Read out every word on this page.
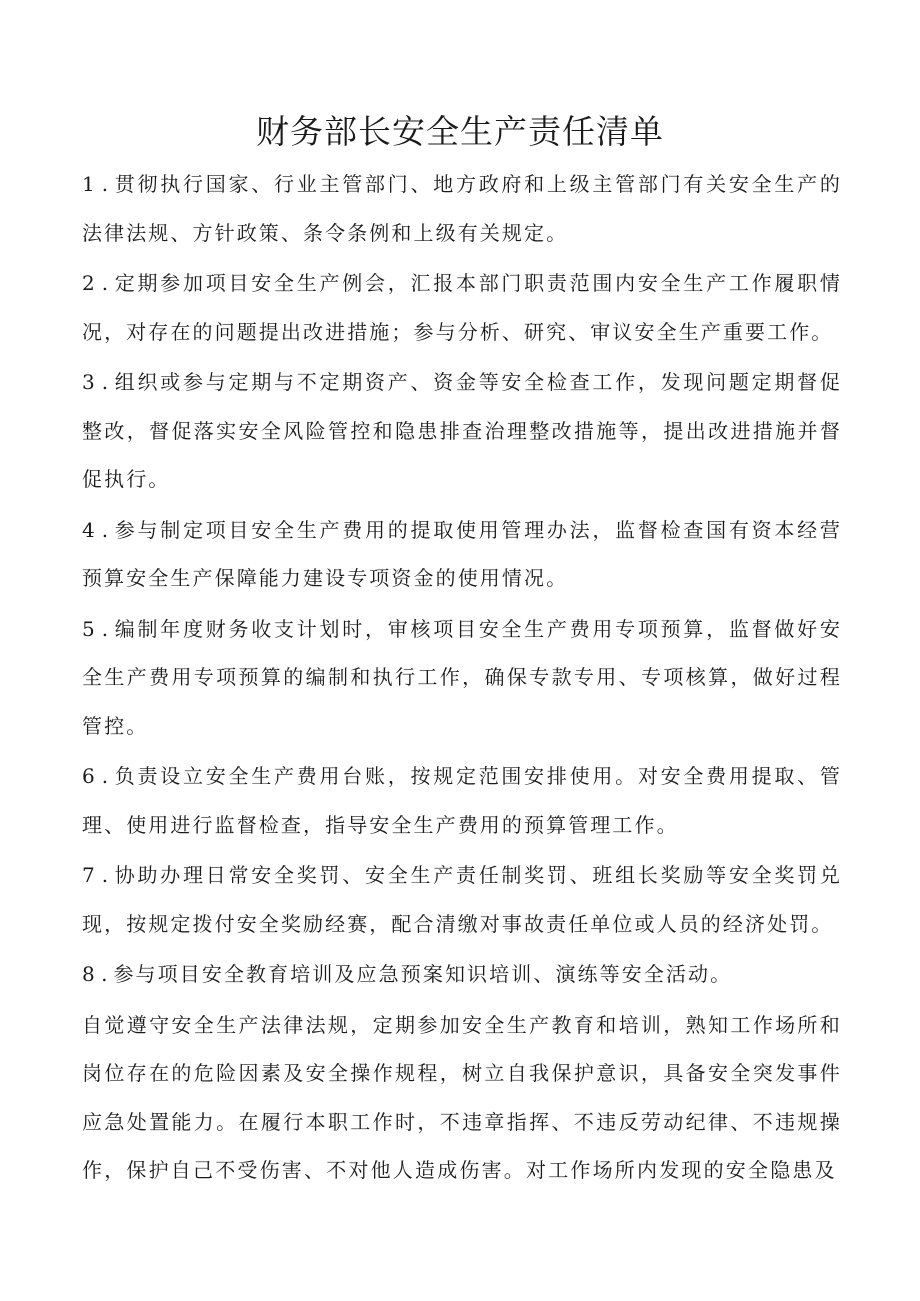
财务部长安全生产责任清单

1 . 贯彻执行国家、行业主管部门、地方政府和上级主管部门有关安全生产的法律法规、方针政策、条令条例和上级有关规定。

2 . 定期参加项目安全生产例会，汇报本部门职责范围内安全生产工作履职情况，对存在的问题提出改进措施；参与分析、研究、审议安全生产重要工作。

3 . 组织或参与定期与不定期资产、资金等安全检查工作，发现问题定期督促整改，督促落实安全风险管控和隐患排查治理整改措施等，提出改进措施并督促执行。

4 . 参与制定项目安全生产费用的提取使用管理办法，监督检查国有资本经营预算安全生产保障能力建设专项资金的使用情况。

5 . 编制年度财务收支计划时，审核项目安全生产费用专项预算，监督做好安全生产费用专项预算的编制和执行工作，确保专款专用、专项核算，做好过程管控。

6 . 负责设立安全生产费用台账，按规定范围安排使用。对安全费用提取、管理、使用进行监督检查，指导安全生产费用的预算管理工作。

7 . 协助办理日常安全奖罚、安全生产责任制奖罚、班组长奖励等安全奖罚兑现，按规定拨付安全奖励经赛，配合清缴对事故责任单位或人员的经济处罚。

8 . 参与项目安全教育培训及应急预案知识培训、演练等安全活动。

自觉遵守安全生产法律法规，定期参加安全生产教育和培训，熟知工作场所和岗位存在的危险因素及安全操作规程，树立自我保护意识，具备安全突发事件应急处置能力。在履行本职工作时，不违章指挥、不违反劳动纪律、不违规操作，保护自己不受伤害、不对他人造成伤害。对工作场所内发现的安全隐患及
